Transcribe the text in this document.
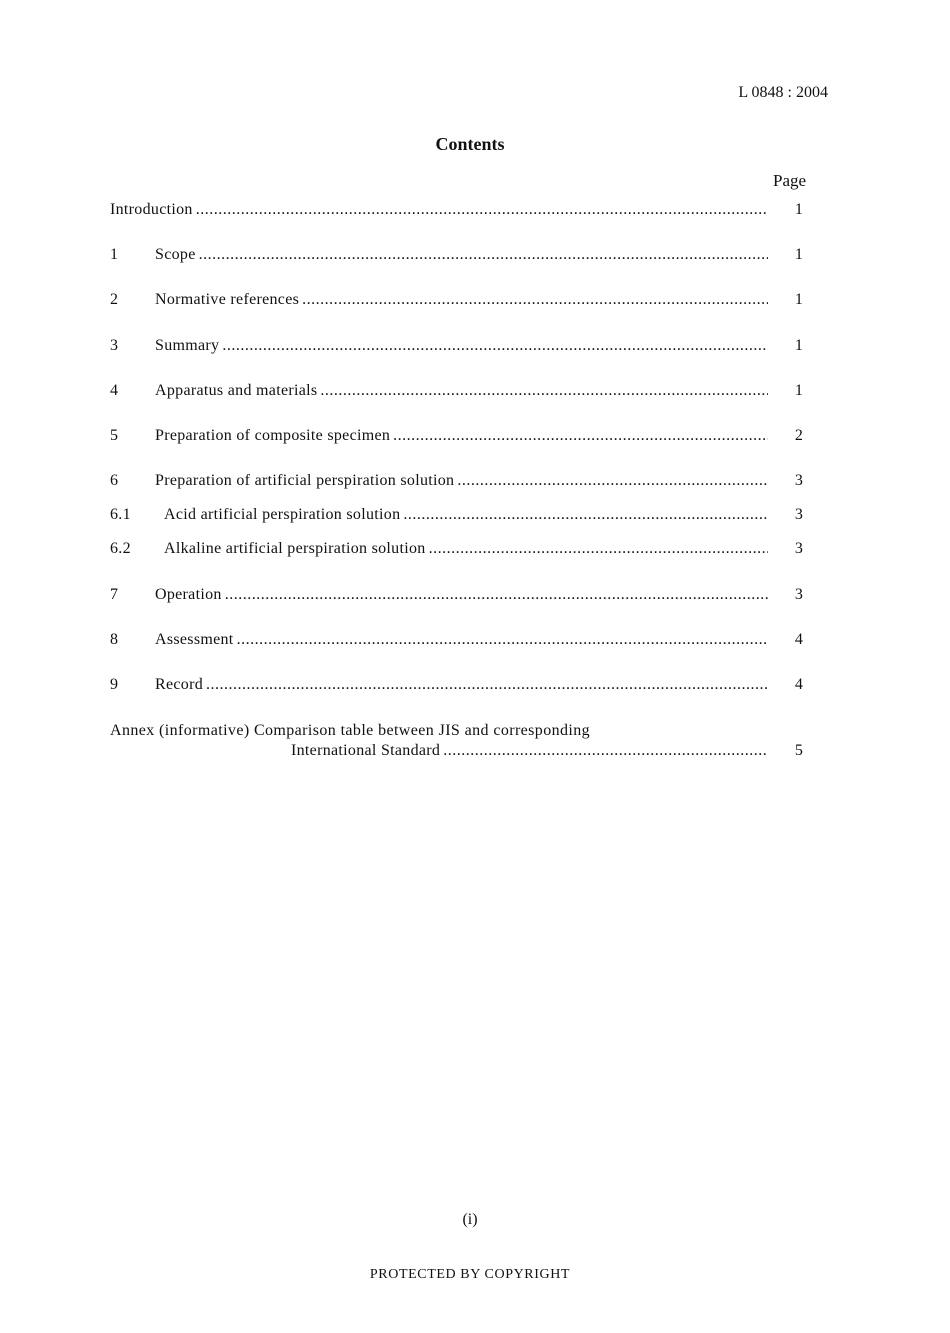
L 0848 : 2004
Contents
Page
Introduction .....	1
1 Scope .....	1
2 Normative references .....	1
3 Summary .....	1
4 Apparatus and materials .....	1
5 Preparation of composite specimen .....	2
6 Preparation of artificial perspiration solution .....	3
6.1 Acid artificial perspiration solution .....	3
6.2 Alkaline artificial perspiration solution .....	3
7 Operation .....	3
8 Assessment .....	4
9 Record .....	4
Annex (informative) Comparison table between JIS and corresponding
International Standard .....	5
(i)
PROTECTED BY COPYRIGHT
